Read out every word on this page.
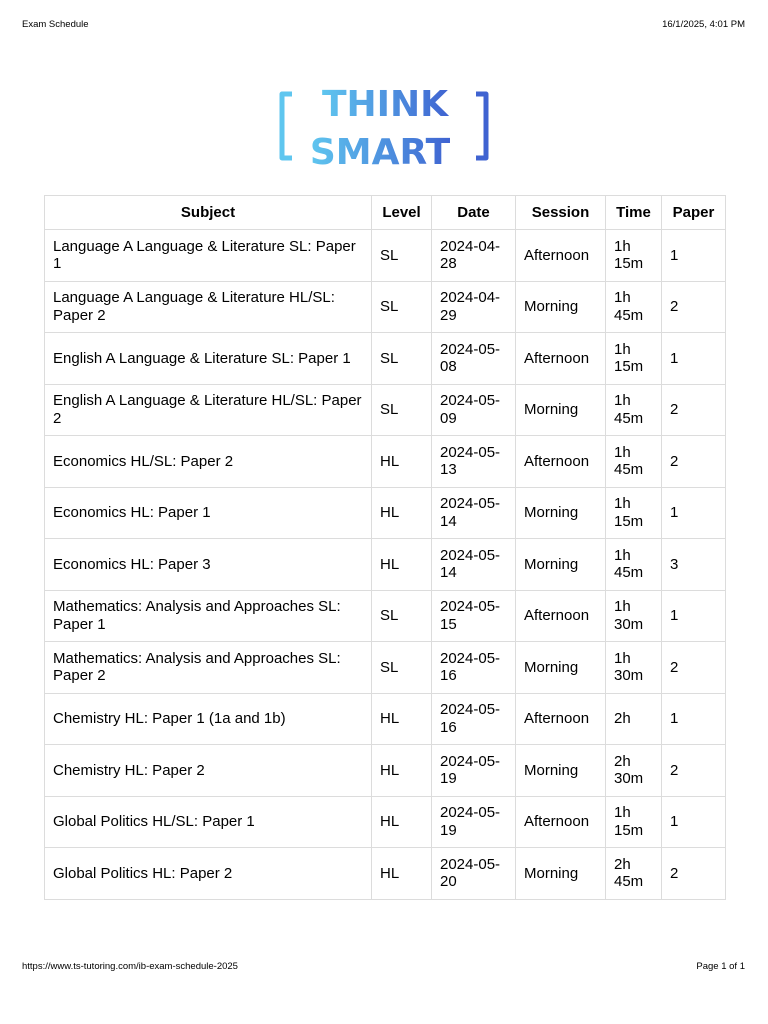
Exam Schedule	16/1/2025, 4:01 PM
THINK
SMART
Subject	Level	Date	Session	Time	Paper
Language A Language & Literature SL: Paper 1	SL	2024-04-28	Afternoon	1h 15m	1
Language A Language & Literature HL/SL: Paper 2	SL	2024-04-29	Morning	1h 45m	2
English A Language & Literature SL: Paper 1	SL	2024-05-08	Afternoon	1h 15m	1
English A Language & Literature HL/SL: Paper 2	SL	2024-05-09	Morning	1h 45m	2
Economics HL/SL: Paper 2	HL	2024-05-13	Afternoon	1h 45m	2
Economics HL: Paper 1	HL	2024-05-14	Morning	1h 15m	1
Economics HL: Paper 3	HL	2024-05-14	Morning	1h 45m	3
Mathematics: Analysis and Approaches SL: Paper 1	SL	2024-05-15	Afternoon	1h 30m	1
Mathematics: Analysis and Approaches SL: Paper 2	SL	2024-05-16	Morning	1h 30m	2
Chemistry HL: Paper 1 (1a and 1b)	HL	2024-05-16	Afternoon	2h	1
Chemistry HL: Paper 2	HL	2024-05-19	Morning	2h 30m	2
Global Politics HL/SL: Paper 1	HL	2024-05-19	Afternoon	1h 15m	1
Global Politics HL: Paper 2	HL	2024-05-20	Morning	2h 45m	2
https://www.ts-tutoring.com/ib-exam-schedule-2025	Page 1 of 1
